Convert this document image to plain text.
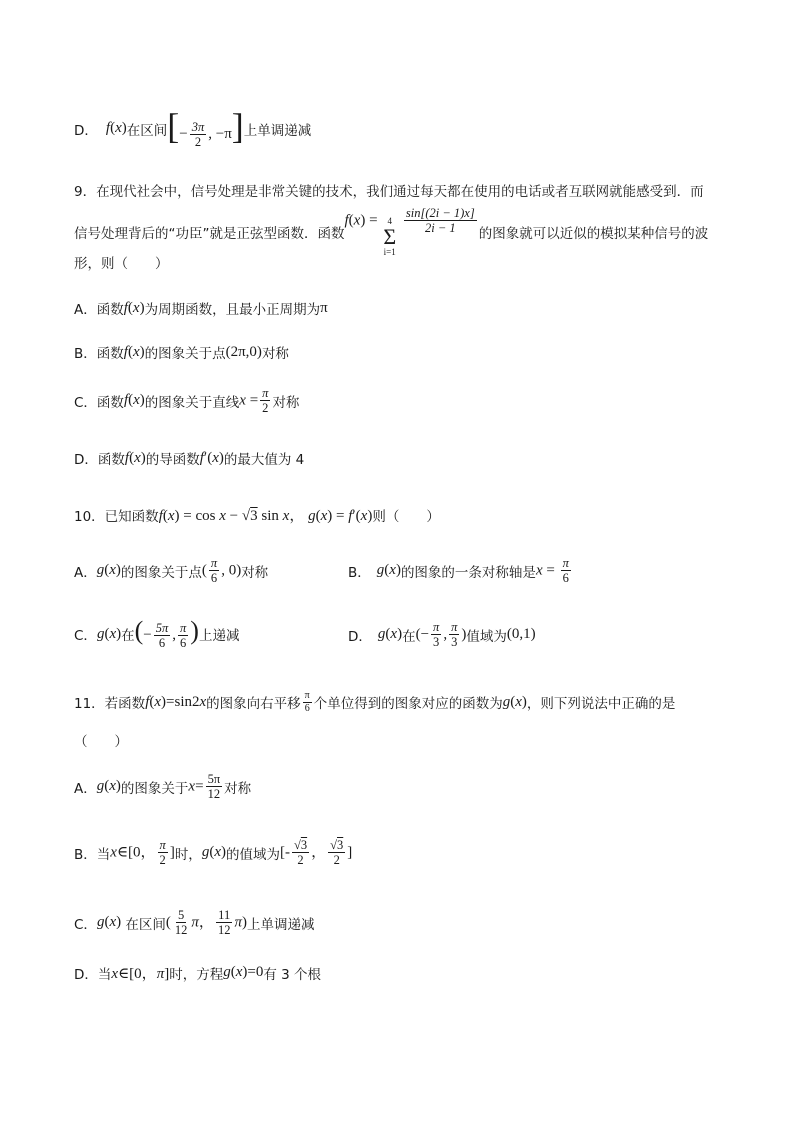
D． f(x) 在区间 [− $\frac{3\pi}{2}$ , −π] 上单调递减
9．在现代社会中，信号处理是非常关键的技术，我们通过每天都在使用的电话或者互联网就能感受到．而
信号处理背后的“功臣”就是正弦型函数．函数
f(x) = 4
Σ
i=1

$\frac{\sin[(2i - 1)x]}{2i - 1}$ 的图象就可以近似的模拟某种信号的波
形，则（　　）
A．函数 f(x) 为周期函数，且最小正周期为 π
B．函数 f(x) 的图象关于点 (2π,0) 对称
C．函数 f(x) 的图象关于直线 $x = \frac{\pi}{2}$ 对称
D．函数 f(x) 的导函数 f′(x) 的最大值为 4
10．已知函数 f(x) = cos x − √3 sin x， g(x) = f′(x) 则（　　）
A． g(x) 的图象关于点 ( $\frac{\pi}{6}$ , 0) 对称	B． g(x) 的图象的一条对称轴是 $x = \frac{\pi}{6}$
C． g(x) 在 (− $\frac{5\pi}{6}$ , $\frac{\pi}{6}$ ) 上递减	D． g(x) 在 (− $\frac{\pi}{3}$ , $\frac{\pi}{3}$ ) 值域为 (0,1)
11．若函数 f(x)=sin2x 的图象向右平移 $\frac{\pi}{6}$ 个单位得到的图象对应的函数为 g(x) ，则下列说法中正确的是
（　　）
A． g(x) 的图象关于 $x= \frac{5\pi}{12}$ 对称
B．当 x∈[0， $\frac{\pi}{2}$ ] 时， g(x) 的值域为 [- $\frac{√3}{2}$ ， $\frac{√3}{2}$ ]
C． g(x)
在区间 ( $\frac{5}{12}$ π， $\frac{11}{12} \pi$) 上单调递减
D．当 x∈[0，π] 时，方程 g(x)=0 有 3 个根
